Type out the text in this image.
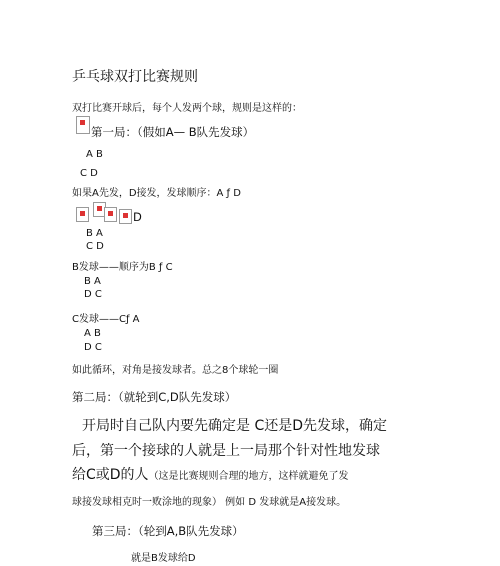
乒乓球双打比赛规则
双打比赛开球后，每个人发两个球，规则是这样的：
第一局：（假如A— B队先发球）
A B
C D
如果A先发，D接发，发球顺序：A ƒ D
D
B A
C D
B发球——顺序为B ƒ C
B A
D C
C发球——Cƒ A
A B
D C
如此循环，对角是接发球者。总之8个球轮一圈
第二局：（就轮到C,D队先发球）
开局时自己队内要先确定是 C还是D先发球，确定
后，第一个接球的人就是上一局那个针对性地发球
给C或D的人（这是比赛规则合理的地方，这样就避免了发
球接发球相克时一败涂地的现象） 例如 D 发球就是A接发球。
第三局：（轮到A,B队先发球）
就是B发球给D
